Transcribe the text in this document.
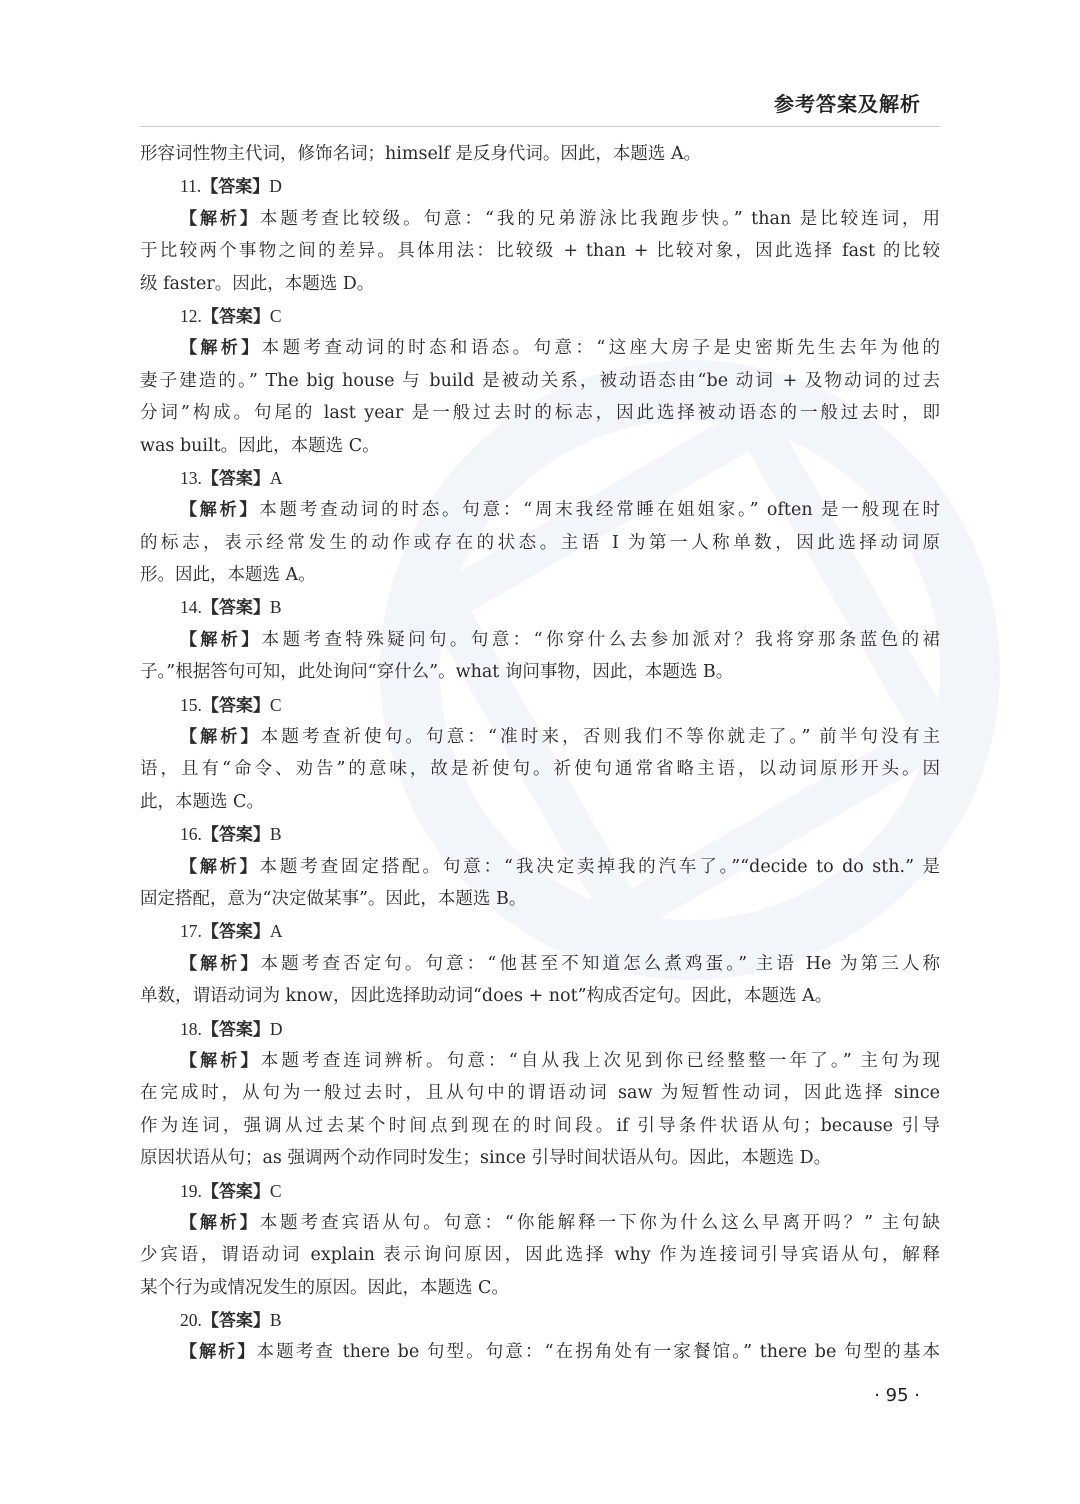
参考答案及解析
形容词性物主代词，修饰名词；himself 是反身代词。因此，本题选 A。
11.【答案】D
【解析】本题考查比较级。句意：“我的兄弟游泳比我跑步快。” than 是比较连词，用
于比较两个事物之间的差异。具体用法：比较级 + than + 比较对象，因此选择 fast 的比较
级 faster。因此，本题选 D。
12.【答案】C
【解析】本题考查动词的时态和语态。句意：“这座大房子是史密斯先生去年为他的
妻子建造的。” The big house 与 build 是被动关系，被动语态由“be 动词 + 及物动词的过去
分词”构成。句尾的 last year 是一般过去时的标志，因此选择被动语态的一般过去时，即
was built。因此，本题选 C。
13.【答案】A
【解析】本题考查动词的时态。句意：“周末我经常睡在姐姐家。” often 是一般现在时
的标志，表示经常发生的动作或存在的状态。主语 I 为第一人称单数，因此选择动词原
形。因此，本题选 A。
14.【答案】B
【解析】本题考查特殊疑问句。句意：“你穿什么去参加派对？我将穿那条蓝色的裙
子。”根据答句可知，此处询问“穿什么”。what 询问事物，因此，本题选 B。
15.【答案】C
【解析】本题考查祈使句。句意：“准时来，否则我们不等你就走了。” 前半句没有主
语，且有“命令、劝告”的意味，故是祈使句。祈使句通常省略主语，以动词原形开头。因
此，本题选 C。
16.【答案】B
【解析】本题考查固定搭配。句意：“我决定卖掉我的汽车了。”“decide to do sth.” 是
固定搭配，意为“决定做某事”。因此，本题选 B。
17.【答案】A
【解析】本题考查否定句。句意：“他甚至不知道怎么煮鸡蛋。” 主语 He 为第三人称
单数，谓语动词为 know，因此选择助动词“does + not”构成否定句。因此，本题选 A。
18.【答案】D
【解析】本题考查连词辨析。句意：“自从我上次见到你已经整整一年了。” 主句为现
在完成时，从句为一般过去时，且从句中的谓语动词 saw 为短暂性动词，因此选择 since
作为连词，强调从过去某个时间点到现在的时间段。if 引导条件状语从句；because 引导
原因状语从句；as 强调两个动作同时发生；since 引导时间状语从句。因此，本题选 D。
19.【答案】C
【解析】本题考查宾语从句。句意：“你能解释一下你为什么这么早离开吗？” 主句缺
少宾语，谓语动词 explain 表示询问原因，因此选择 why 作为连接词引导宾语从句，解释
某个行为或情况发生的原因。因此，本题选 C。
20.【答案】B
【解析】本题考查 there be 句型。句意：“在拐角处有一家餐馆。” there be 句型的基本
· 95 ·
